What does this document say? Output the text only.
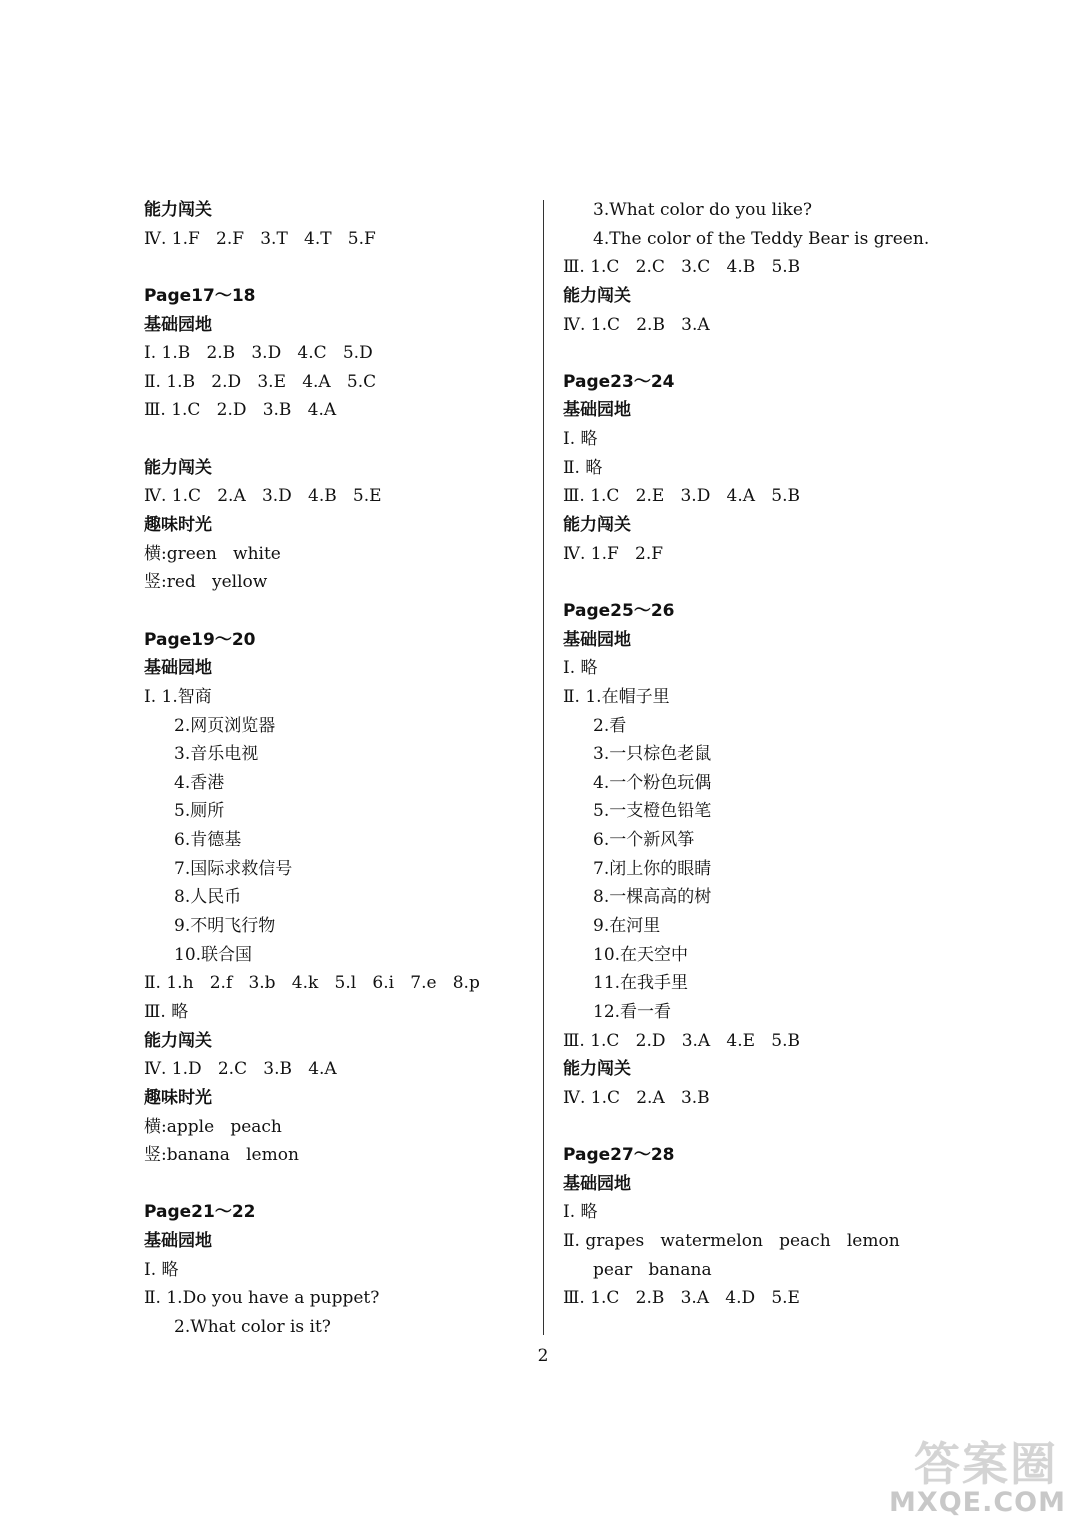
能力闯关
Ⅳ. 1.F   2.F   3.T   4.T   5.F
Page17～18
基础园地
Ⅰ. 1.B   2.B   3.D   4.C   5.D
Ⅱ. 1.B   2.D   3.E   4.A   5.C
Ⅲ. 1.C   2.D   3.B   4.A
能力闯关
Ⅳ. 1.C   2.A   3.D   4.B   5.E
趣味时光
横:green   white
竖:red   yellow
Page19～20
基础园地
Ⅰ. 1.智商
2.网页浏览器
3.音乐电视
4.香港
5.厕所
6.肯德基
7.国际求救信号
8.人民币
9.不明飞行物
10.联合国
Ⅱ. 1.h   2.f   3.b   4.k   5.l   6.i   7.e   8.p
Ⅲ. 略
能力闯关
Ⅳ. 1.D   2.C   3.B   4.A
趣味时光
横:apple   peach
竖:banana   lemon
Page21～22
基础园地
Ⅰ. 略
Ⅱ. 1.Do you have a puppet?
2.What color is it?
3.What color do you like?
4.The color of the Teddy Bear is green.
Ⅲ. 1.C   2.C   3.C   4.B   5.B
能力闯关
Ⅳ. 1.C   2.B   3.A
Page23～24
基础园地
Ⅰ. 略
Ⅱ. 略
Ⅲ. 1.C   2.E   3.D   4.A   5.B
能力闯关
Ⅳ. 1.F   2.F
Page25～26
基础园地
Ⅰ. 略
Ⅱ. 1.在帽子里
2.看
3.一只棕色老鼠
4.一个粉色玩偶
5.一支橙色铅笔
6.一个新风筝
7.闭上你的眼睛
8.一棵高高的树
9.在河里
10.在天空中
11.在我手里
12.看一看
Ⅲ. 1.C   2.D   3.A   4.E   5.B
能力闯关
Ⅳ. 1.C   2.A   3.B
Page27～28
基础园地
Ⅰ. 略
Ⅱ. grapes   watermelon   peach   lemon
pear   banana
Ⅲ. 1.C   2.B   3.A   4.D   5.E
2
答案圈
MXQE.COM
